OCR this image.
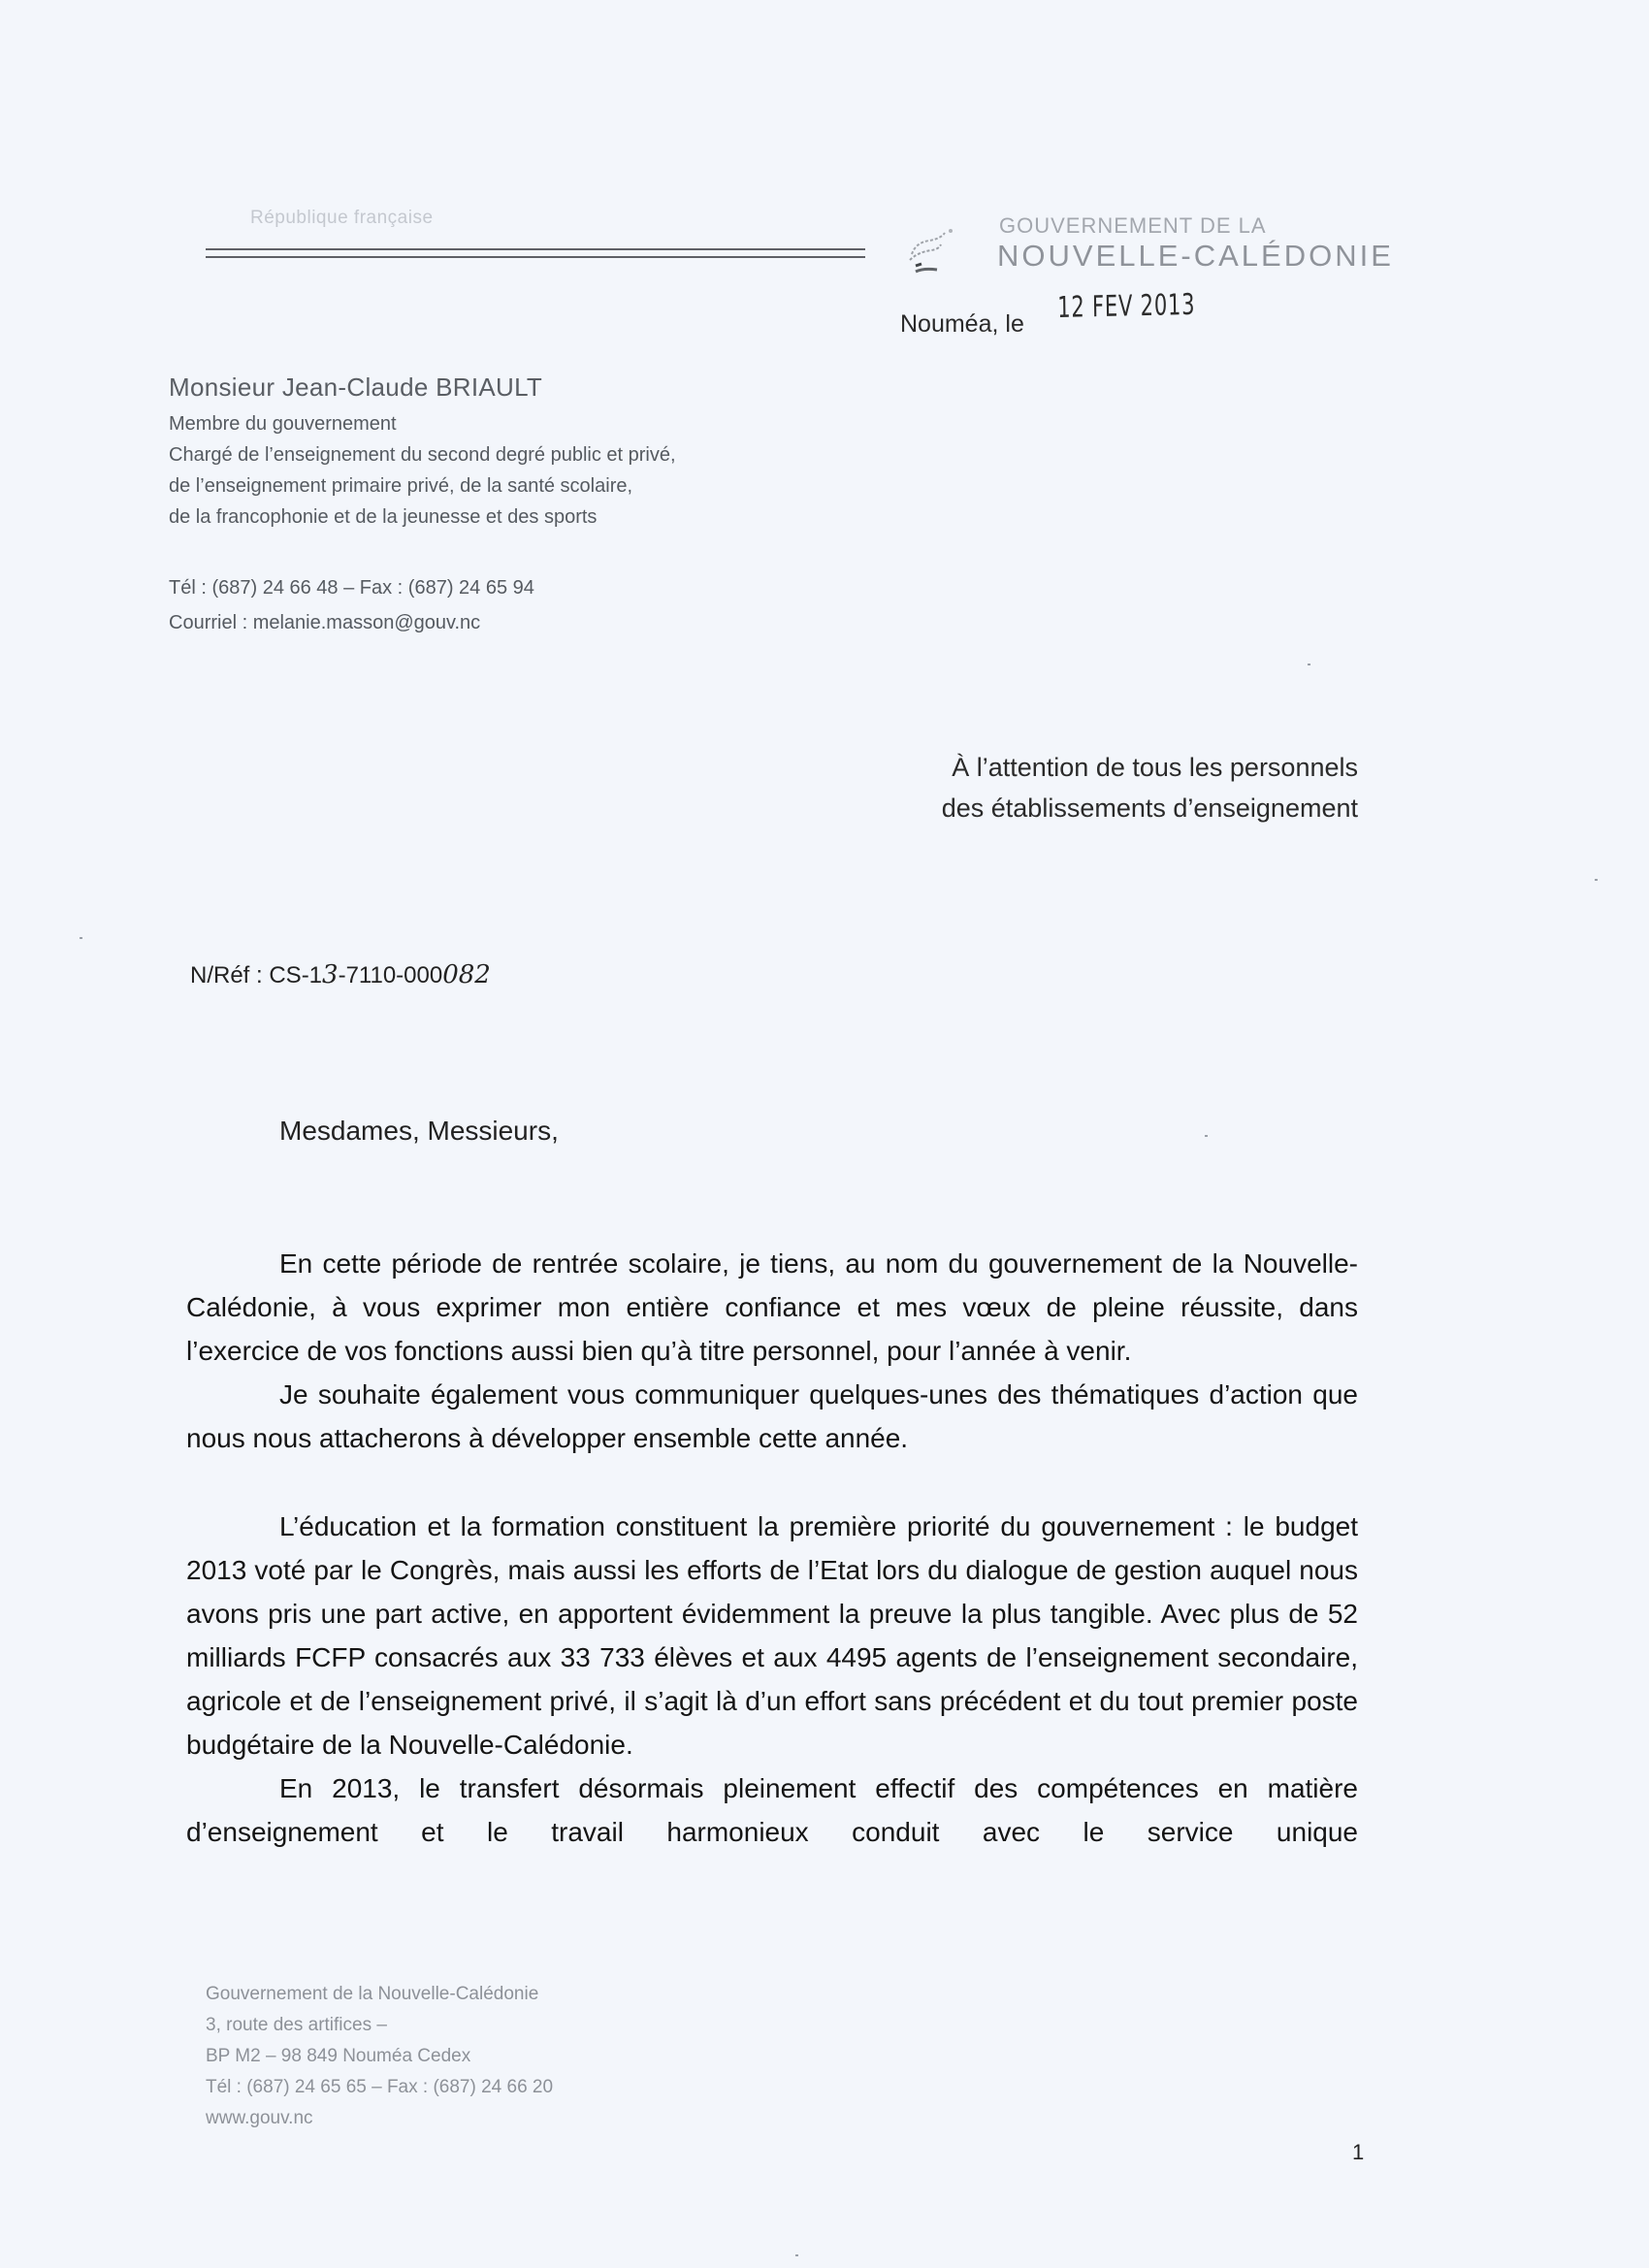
République française	GOUVERNEMENT DE LA
NOUVELLE-CALÉDONIE
Nouméa, le 12 FEV 2013
Monsieur Jean-Claude BRIAULT
Membre du gouvernement
Chargé de l’enseignement du second degré public et privé,
de l’enseignement primaire privé, de la santé scolaire,
de la francophonie et de la jeunesse et des sports
Tél : (687) 24 66 48 – Fax : (687) 24 65 94
Courriel : melanie.masson@gouv.nc
À l’attention de tous les personnels
des établissements d’enseignement
N/Réf : CS-13-7110-000082
Mesdames, Messieurs,

En cette période de rentrée scolaire, je tiens, au nom du gouvernement de la Nouvelle-Calédonie, à vous exprimer mon entière confiance et mes vœux de pleine réussite, dans l’exercice de vos fonctions aussi bien qu’à titre personnel, pour l’année à venir.

Je souhaite également vous communiquer quelques-unes des thématiques d’action que nous nous attacherons à développer ensemble cette année.

L’éducation et la formation constituent la première priorité du gouvernement : le budget 2013 voté par le Congrès, mais aussi les efforts de l’Etat lors du dialogue de gestion auquel nous avons pris une part active, en apportent évidemment la preuve la plus tangible. Avec plus de 52 milliards FCFP consacrés aux 33 733 élèves et aux 4495 agents de l’enseignement secondaire, agricole et de l’enseignement privé, il s’agit là d’un effort sans précédent et du tout premier poste budgétaire de la Nouvelle-Calédonie.

En 2013, le transfert désormais pleinement effectif des compétences en matière d’enseignement et le travail harmonieux conduit avec le service unique

Gouvernement de la Nouvelle-Calédonie
3, route des artifices –
BP M2 – 98 849 Nouméa Cedex
Tél : (687) 24 65 65 – Fax : (687) 24 66 20
www.gouv.nc
1
